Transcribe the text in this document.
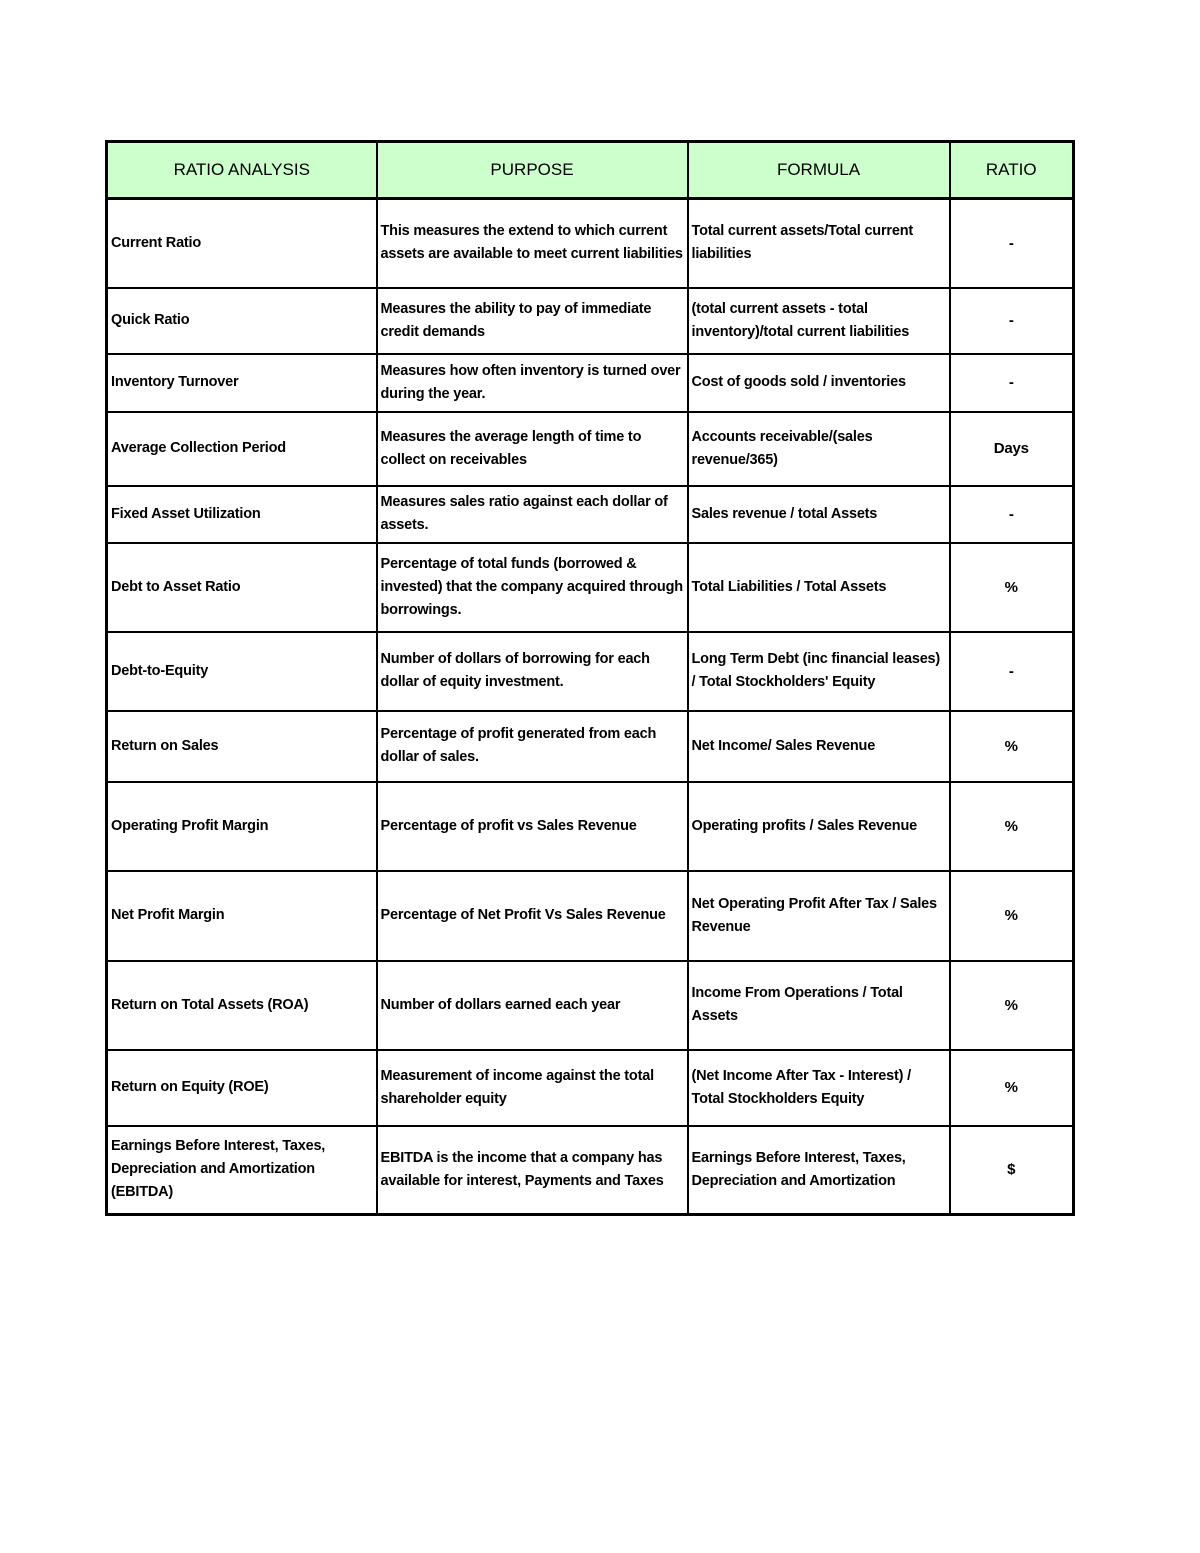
RATIO ANALYSIS	PURPOSE	FORMULA	RATIO
Current Ratio	This measures the extend to which current assets are available to meet current liabilities	Total current assets/Total current liabilities	-
Quick Ratio	Measures the ability to pay of immediate credit demands	(total current assets - total inventory)/total current liabilities	-
Inventory Turnover	Measures how often inventory is turned over during the year.	Cost of goods sold / inventories	-
Average Collection Period	Measures the average length of time to collect on receivables	Accounts receivable/(sales revenue/365)	Days
Fixed Asset Utilization	Measures sales ratio against each dollar of assets.	Sales revenue / total Assets	-
Debt to Asset Ratio	Percentage of total funds (borrowed & invested) that the company acquired through borrowings.	Total Liabilities / Total Assets	%
Debt-to-Equity	Number of dollars of borrowing for each dollar of equity investment.	Long Term Debt (inc financial leases) / Total Stockholders' Equity	-
Return on Sales	Percentage of profit generated from each dollar of sales.	Net Income/ Sales Revenue	%
Operating Profit Margin	Percentage of profit vs Sales Revenue	Operating profits / Sales Revenue	%
Net Profit Margin	Percentage of Net Profit Vs Sales Revenue	Net Operating Profit After Tax / Sales Revenue	%
Return on Total Assets (ROA)	Number of dollars earned each year	Income From Operations / Total Assets	%
Return on Equity (ROE)	Measurement of income against the total shareholder equity	(Net Income After Tax - Interest) / Total Stockholders Equity	%
Earnings Before Interest, Taxes, Depreciation and Amortization (EBITDA)	EBITDA is the income that a company has available for interest, Payments and Taxes	Earnings Before Interest, Taxes, Depreciation and Amortization	$
